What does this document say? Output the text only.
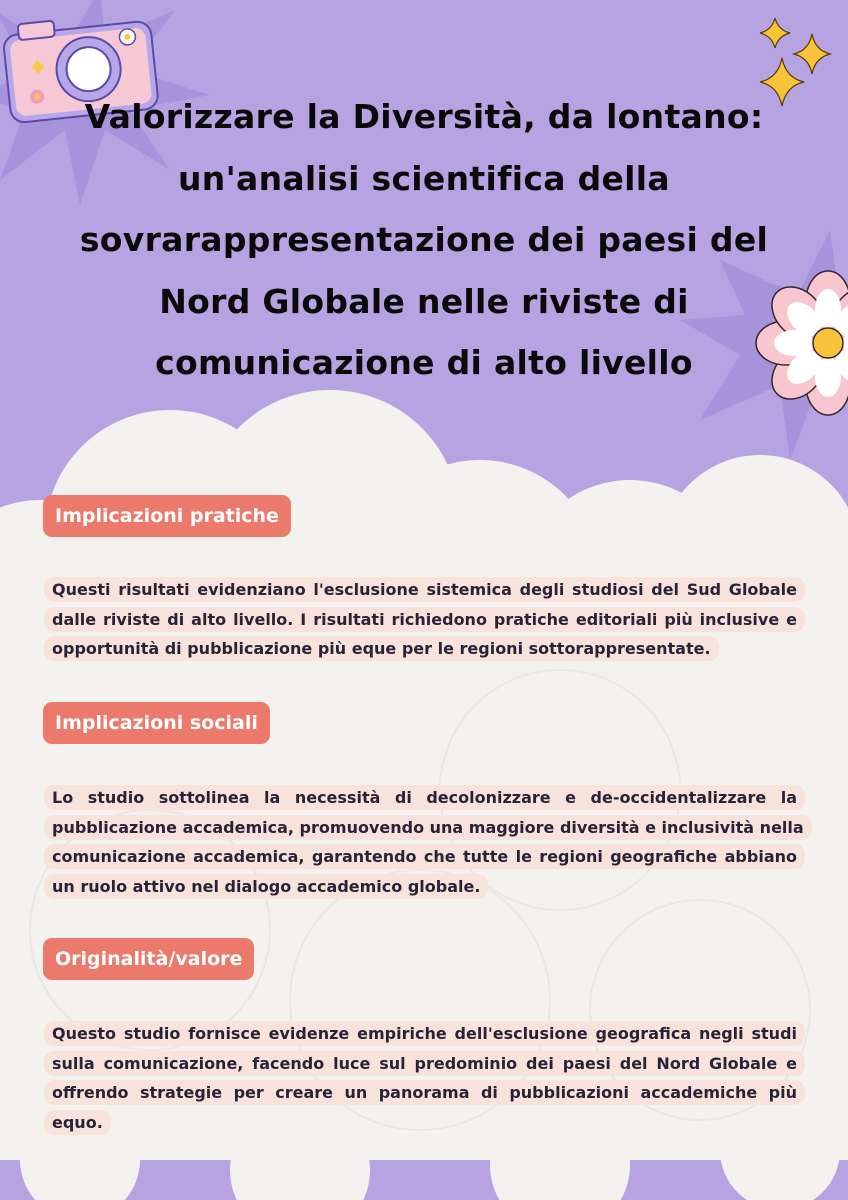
Valorizzare la Diversità, da lontano: un'analisi scientifica della sovrarappresentazione dei paesi del Nord Globale nelle riviste di comunicazione di alto livello
Implicazioni pratiche

Questi risultati evidenziano l'esclusione sistemica degli studiosi del Sud Globale dalle riviste di alto livello. I risultati richiedono pratiche editoriali più inclusive e opportunità di pubblicazione più eque per le regioni sottorappresentate.

Implicazioni sociali

Lo studio sottolinea la necessità di decolonizzare e de-occidentalizzare la pubblicazione accademica, promuovendo una maggiore diversità e inclusività nella comunicazione accademica, garantendo che tutte le regioni geografiche abbiano un ruolo attivo nel dialogo accademico globale.

Originalità/valore

Questo studio fornisce evidenze empiriche dell'esclusione geografica negli studi sulla comunicazione, facendo luce sul predominio dei paesi del Nord Globale e offrendo strategie per creare un panorama di pubblicazioni accademiche più equo.
